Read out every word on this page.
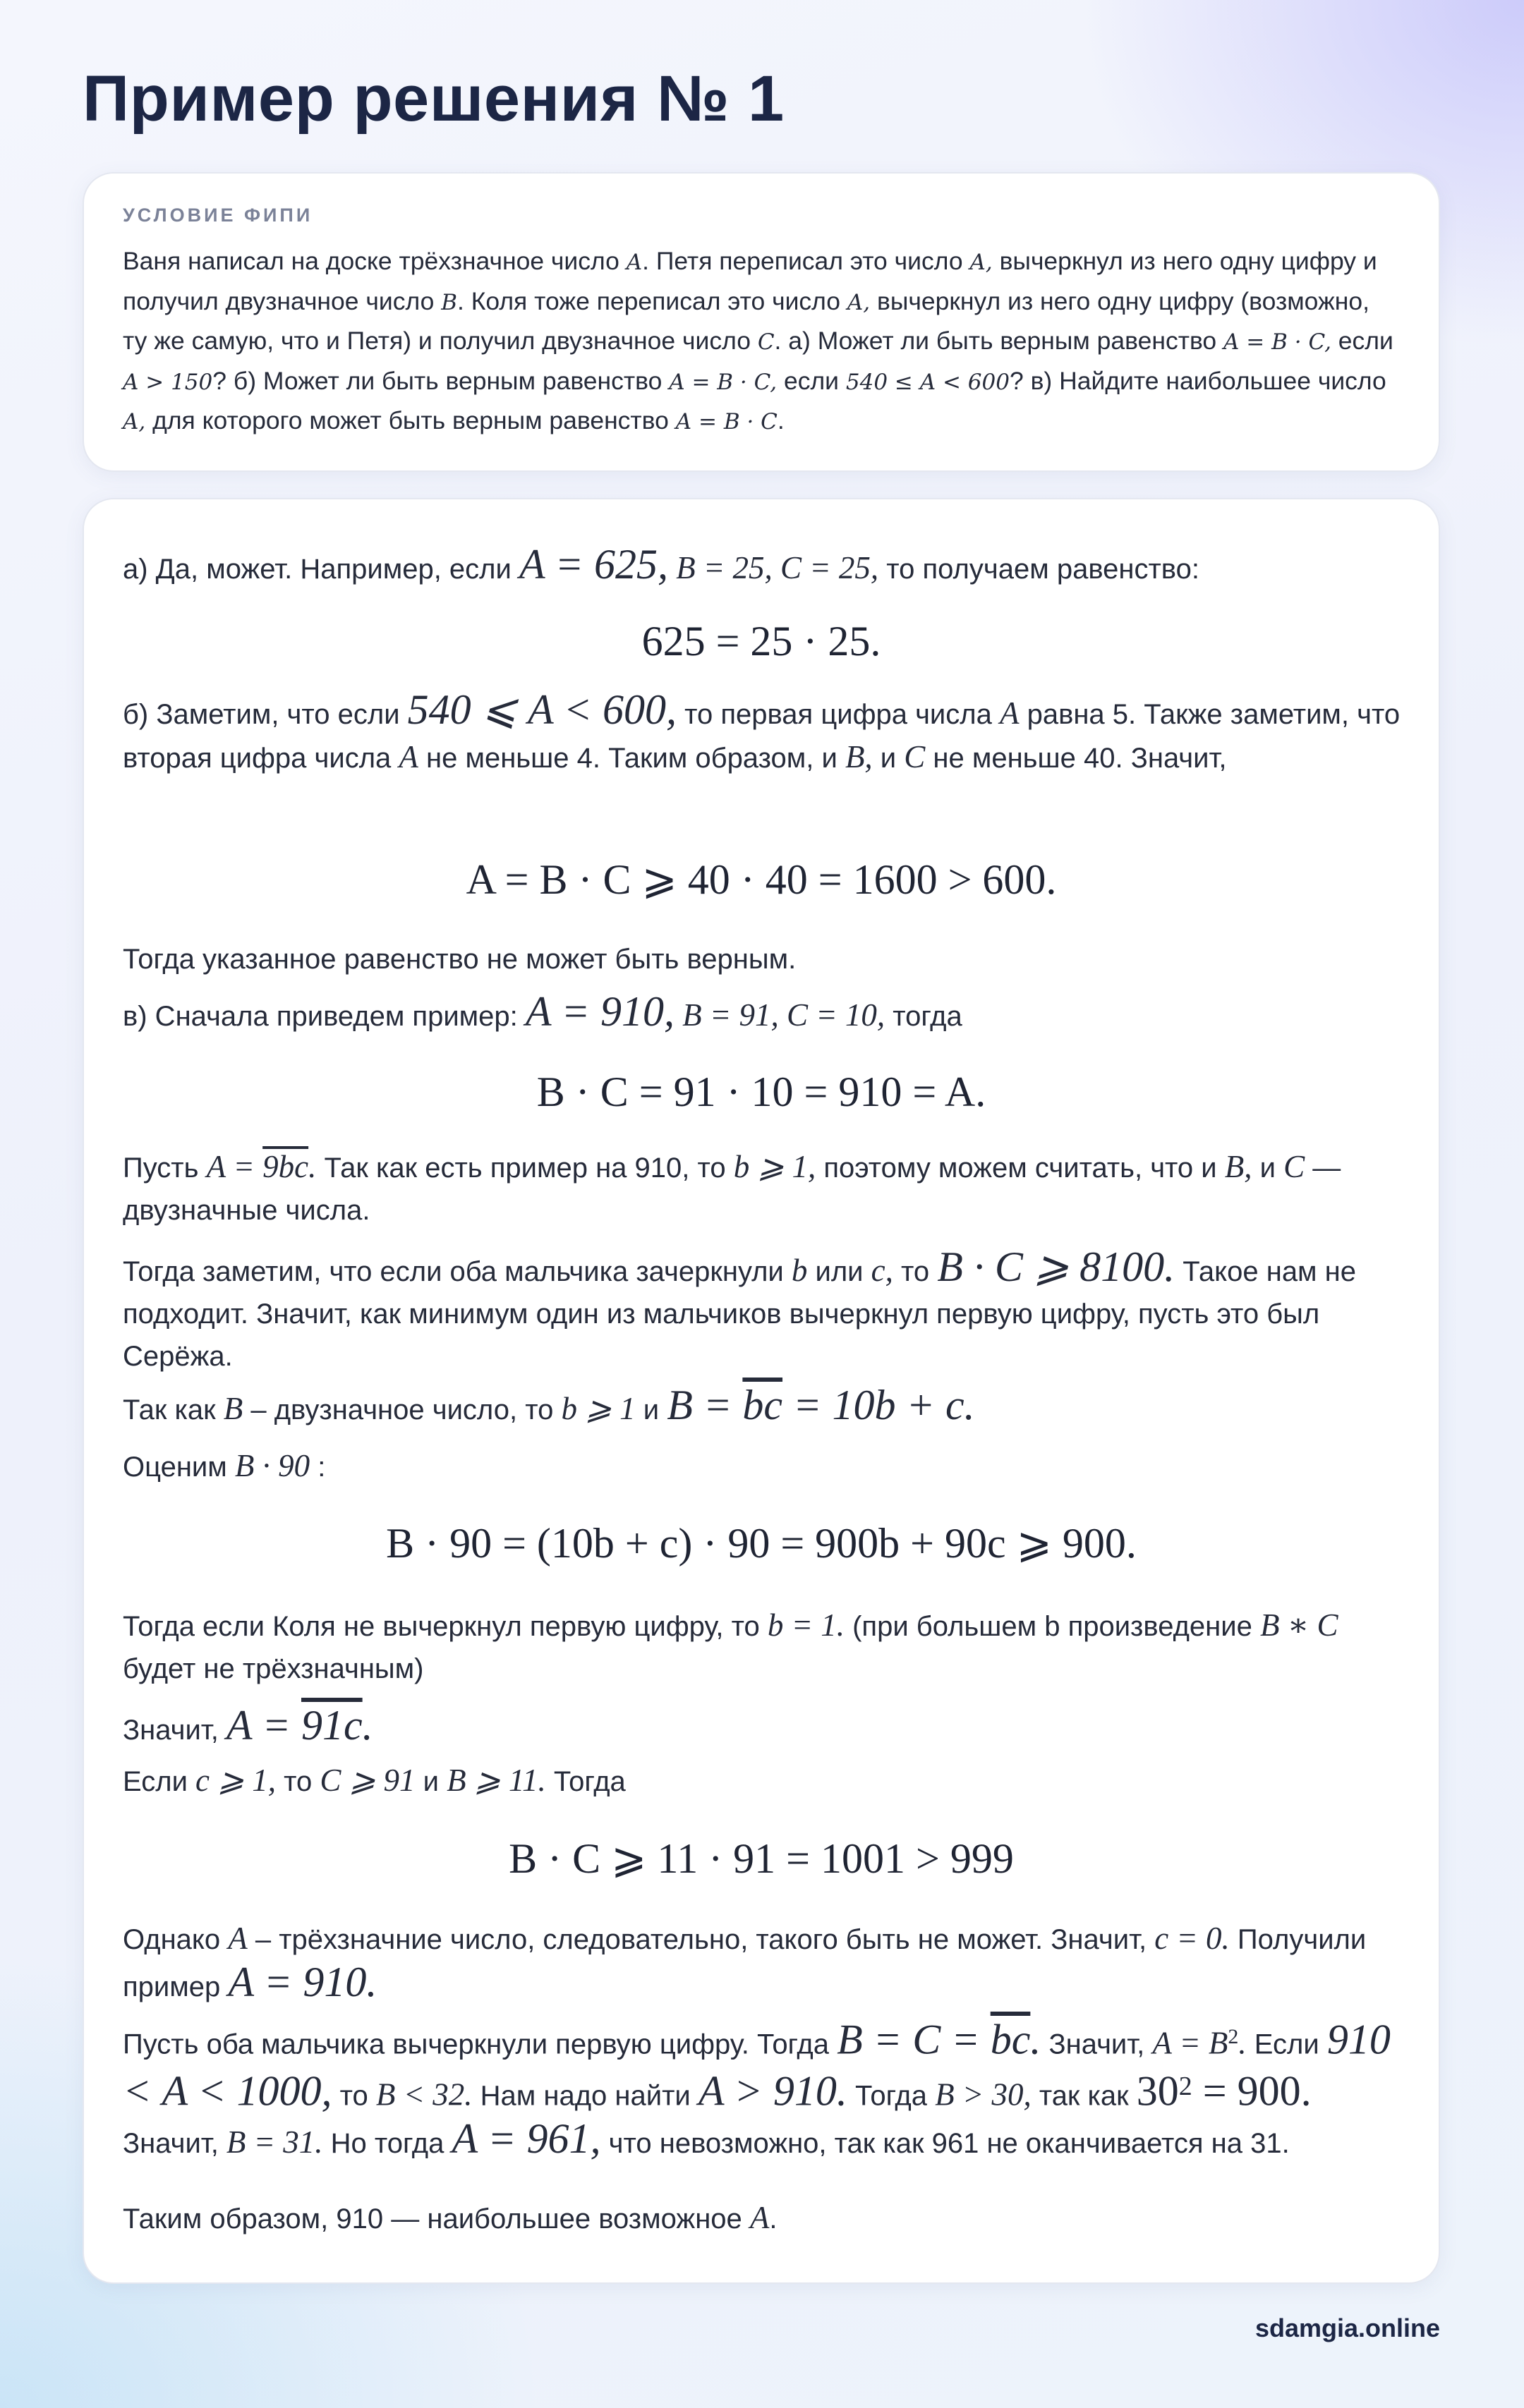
Пример решения № 1
УСЛОВИЕ ФИПИ
Ваня написал на доске трёхзначное число A. Петя переписал это число A, вычеркнул из него одну цифру и получил двузначное число B. Коля тоже переписал это число A, вычеркнул из него одну цифру (возможно, ту же самую, что и Петя) и получил двузначное число C. а) Может ли быть верным равенство A = B · C, если A > 150? б) Может ли быть верным равенство A = B · C, если 540 ≤ A < 600? в) Найдите наибольшее число A, для которого может быть верным равенство A = B · C.

а) Да, может. Например, если A = 625, B = 25, C = 25, то получаем равенство:

625 = 25 · 25.

б) Заметим, что если 540 ⩽ A < 600, то первая цифра числа A равна 5. Также заметим, что вторая цифра числа A не меньше 4. Таким образом, и B, и C не меньше 40. Значит,

A = B · C ⩾ 40 · 40 = 1600 > 600.

Тогда указанное равенство не может быть верным.

в) Сначала приведем пример: A = 910, B = 91, C = 10, тогда

B · C = 91 · 10 = 910 = A.

Пусть A = 9bc. Так как есть пример на 910, то b ⩾ 1, поэтому можем считать, что и B, и C — двузначные числа.

Тогда заметим, что если оба мальчика зачеркнули b или c, то B · C ⩾ 8100. Такое нам не подходит. Значит, как минимум один из мальчиков вычеркнул первую цифру, пусть это был Серёжа.

Так как B – двузначное число, то b ⩾ 1 и $B = \overline{bc} = 10b + c$.

Оценим B · 90 :

B · 90 = (10b + c) · 90 = 900b + 90c ⩾ 900.

Тогда если Коля не вычеркнул первую цифру, то b = 1. (при большем b произведение B ∗ C будет не трёхзначным)

Значит, A = 91c.

Если c ⩾ 1, то C ⩾ 91 и B ⩾ 11. Тогда

B · C ⩾ 11 · 91 = 1001 > 999

Однако A – трёхзначние число, следовательно, такого быть не может. Значит, c = 0. Получили пример A = 910.

Пусть оба мальчика вычеркнули первую цифру. Тогда $B = C = \overline{bc}$. Значит, $A = B^2$. Если 910 < A < 1000, то B < 32. Нам надо найти A > 910. Тогда B > 30, так как $30^2 = 900$. Значит, B = 31. Но тогда A = 961, что невозможно, так как 961 не оканчивается на 31.

Таким образом, 910 — наибольшее возможное A.

sdamgia.online
